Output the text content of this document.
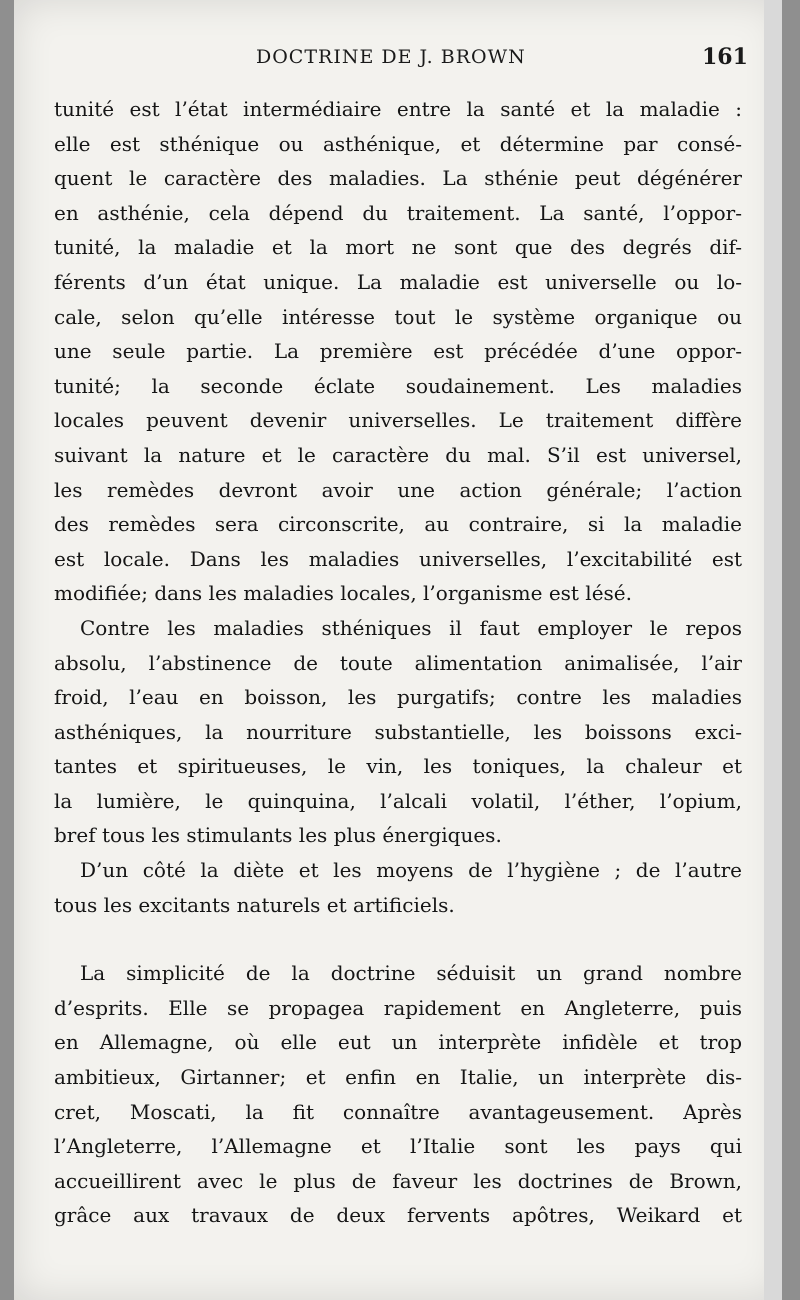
DOCTRINE DE J. BROWN	161
tunité est l’état intermédiaire entre la santé et la maladie :
elle est sthénique ou asthénique, et détermine par consé-
quent le caractère des maladies. La sthénie peut dégénérer
en asthénie, cela dépend du traitement. La santé, l’oppor-
tunité, la maladie et la mort ne sont que des degrés dif-
férents d’un état unique. La maladie est universelle ou lo-
cale, selon qu’elle intéresse tout le système organique ou
une seule partie. La première est précédée d’une oppor-
tunité; la seconde éclate soudainement. Les maladies
locales peuvent devenir universelles. Le traitement diffère
suivant la nature et le caractère du mal. S’il est universel,
les remèdes devront avoir une action générale; l’action
des remèdes sera circonscrite, au contraire, si la maladie
est locale. Dans les maladies universelles, l’excitabilité est
modifiée; dans les maladies locales, l’organisme est lésé.
Contre les maladies sthéniques il faut employer le repos
absolu, l’abstinence de toute alimentation animalisée, l’air
froid, l’eau en boisson, les purgatifs; contre les maladies
asthéniques, la nourriture substantielle, les boissons exci-
tantes et spiritueuses, le vin, les toniques, la chaleur et
la lumière, le quinquina, l’alcali volatil, l’éther, l’opium,
bref tous les stimulants les plus énergiques.
D’un côté la diète et les moyens de l’hygiène ; de l’autre
tous les excitants naturels et artificiels.
La simplicité de la doctrine séduisit un grand nombre
d’esprits. Elle se propagea rapidement en Angleterre, puis
en Allemagne, où elle eut un interprète infidèle et trop
ambitieux, Girtanner; et enfin en Italie, un interprète dis-
cret, Moscati, la fit connaître avantageusement. Après
l’Angleterre, l’Allemagne et l’Italie sont les pays qui
accueillirent avec le plus de faveur les doctrines de Brown,
grâce aux travaux de deux fervents apôtres, Weikard et
